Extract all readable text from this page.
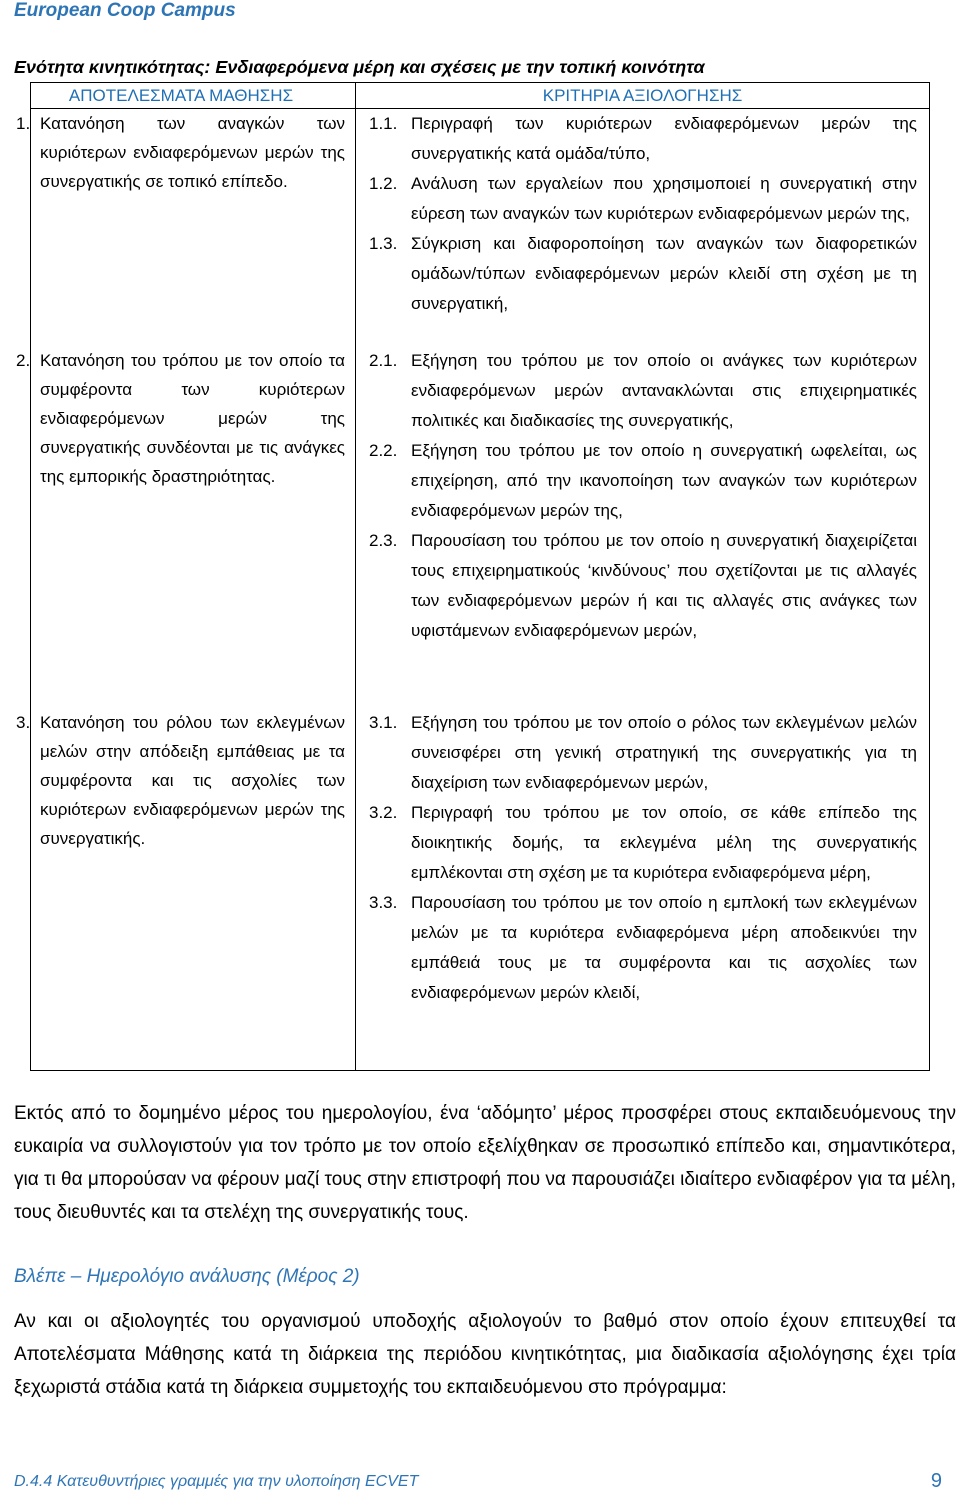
European Coop Campus
Ενότητα κινητικότητας: Ενδιαφερόμενα μέρη και σχέσεις με την τοπική κοινότητα
ΑΠΟΤΕΛΕΣΜΑΤΑ ΜΑΘΗΣΗΣ	ΚΡΙΤΗΡΙΑ ΑΞΙΟΛΟΓΗΣΗΣ
1. Κατανόηση των αναγκών των κυριότερων ενδιαφερόμενων μερών της συνεργατικής σε τοπικό επίπεδο.
1.1. Περιγραφή των κυριότερων ενδιαφερόμενων μερών της συνεργατικής κατά ομάδα/τύπο,
1.2. Ανάλυση των εργαλείων που χρησιμοποιεί η συνεργατική στην εύρεση των αναγκών των κυριότερων ενδιαφερόμενων μερών της,
1.3. Σύγκριση και διαφοροποίηση των αναγκών των διαφορετικών ομάδων/τύπων ενδιαφερόμενων μερών κλειδί στη σχέση με τη συνεργατική,
2. Κατανόηση του τρόπου με τον οποίο τα συμφέροντα των κυριότερων ενδιαφερόμενων μερών της συνεργατικής συνδέονται με τις ανάγκες της εμπορικής δραστηριότητας.
2.1. Εξήγηση του τρόπου με τον οποίο οι ανάγκες των κυριότερων ενδιαφερόμενων μερών αντανακλώνται στις επιχειρηματικές πολιτικές και διαδικασίες της συνεργατικής,
2.2. Εξήγηση του τρόπου με τον οποίο η συνεργατική ωφελείται, ως επιχείρηση, από την ικανοποίηση των αναγκών των κυριότερων ενδιαφερόμενων μερών της,
2.3. Παρουσίαση του τρόπου με τον οποίο η συνεργατική διαχειρίζεται τους επιχειρηματικούς ‘κινδύνους’ που σχετίζονται με τις αλλαγές των ενδιαφερόμενων μερών ή και τις αλλαγές στις ανάγκες των υφιστάμενων ενδιαφερόμενων μερών,
3. Κατανόηση του ρόλου των εκλεγμένων μελών στην απόδειξη εμπάθειας με τα συμφέροντα και τις ασχολίες των κυριότερων ενδιαφερόμενων μερών της συνεργατικής.
3.1. Εξήγηση του τρόπου με τον οποίο ο ρόλος των εκλεγμένων μελών συνεισφέρει στη γενική στρατηγική της συνεργατικής για τη διαχείριση των ενδιαφερόμενων μερών,
3.2. Περιγραφή του τρόπου με τον οποίο, σε κάθε επίπεδο της διοικητικής δομής, τα εκλεγμένα μέλη της συνεργατικής εμπλέκονται στη σχέση με τα κυριότερα ενδιαφερόμενα μέρη,
3.3. Παρουσίαση του τρόπου με τον οποίο η εμπλοκή των εκλεγμένων μελών με τα κυριότερα ενδιαφερόμενα μέρη αποδεικνύει την εμπάθειά τους με τα συμφέροντα και τις ασχολίες των ενδιαφερόμενων μερών κλειδί,

Εκτός από το δομημένο μέρος του ημερολογίου, ένα ‘αδόμητο’ μέρος προσφέρει στους εκπαιδευόμενους την ευκαιρία να συλλογιστούν για τον τρόπο με τον οποίο εξελίχθηκαν σε προσωπικό επίπεδο και, σημαντικότερα, για τι θα μπορούσαν να φέρουν μαζί τους στην επιστροφή που να παρουσιάζει ιδιαίτερο ενδιαφέρον για τα μέλη, τους διευθυντές και τα στελέχη της συνεργατικής τους.

Βλέπε – Ημερολόγιο ανάλυσης (Μέρος 2)

Αν και οι αξιολογητές του οργανισμού υποδοχής αξιολογούν το βαθμό στον οποίο έχουν επιτευχθεί τα Αποτελέσματα Μάθησης κατά τη διάρκεια της περιόδου κινητικότητας, μια διαδικασία αξιολόγησης έχει τρία ξεχωριστά στάδια κατά τη διάρκεια συμμετοχής του εκπαιδευόμενου στο πρόγραμμα:

D.4.4 Κατευθυντήριες γραμμές για την υλοποίηση ECVET	9
